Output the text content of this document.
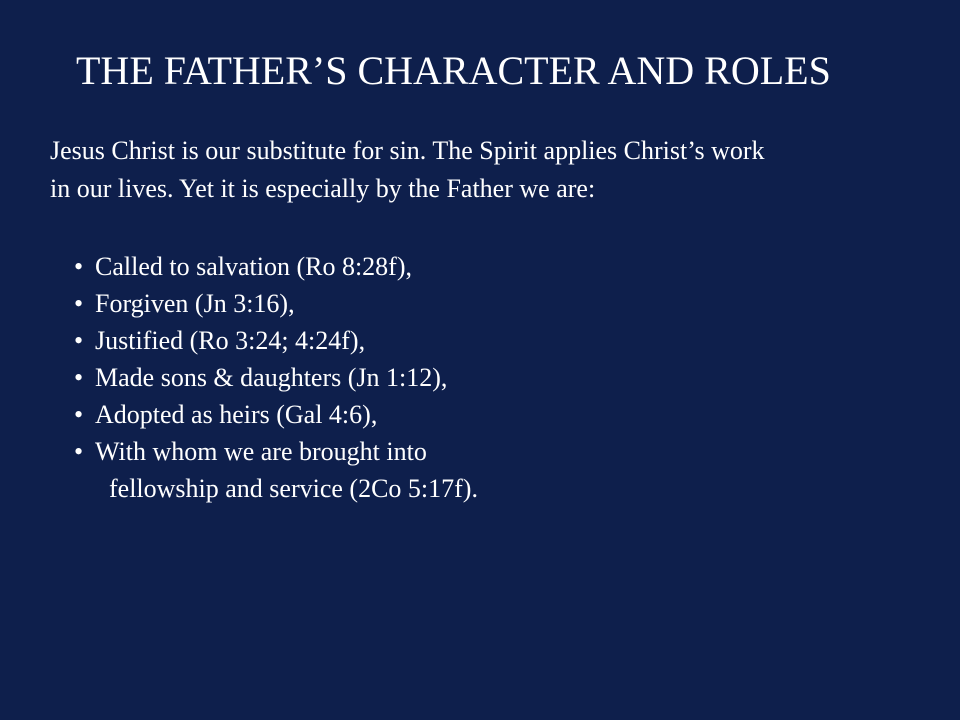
THE FATHER’S CHARACTER AND ROLES

Jesus Christ is our substitute for sin. The Spirit applies Christ’s work
in our lives. Yet it is especially by the Father we are:

• Called to salvation (Ro 8:28f),
• Forgiven (Jn 3:16),
• Justified (Ro 3:24; 4:24f),
• Made sons & daughters (Jn 1:12),
• Adopted as heirs (Gal 4:6),
• With whom we are brought into
fellowship and service (2Co 5:17f).
